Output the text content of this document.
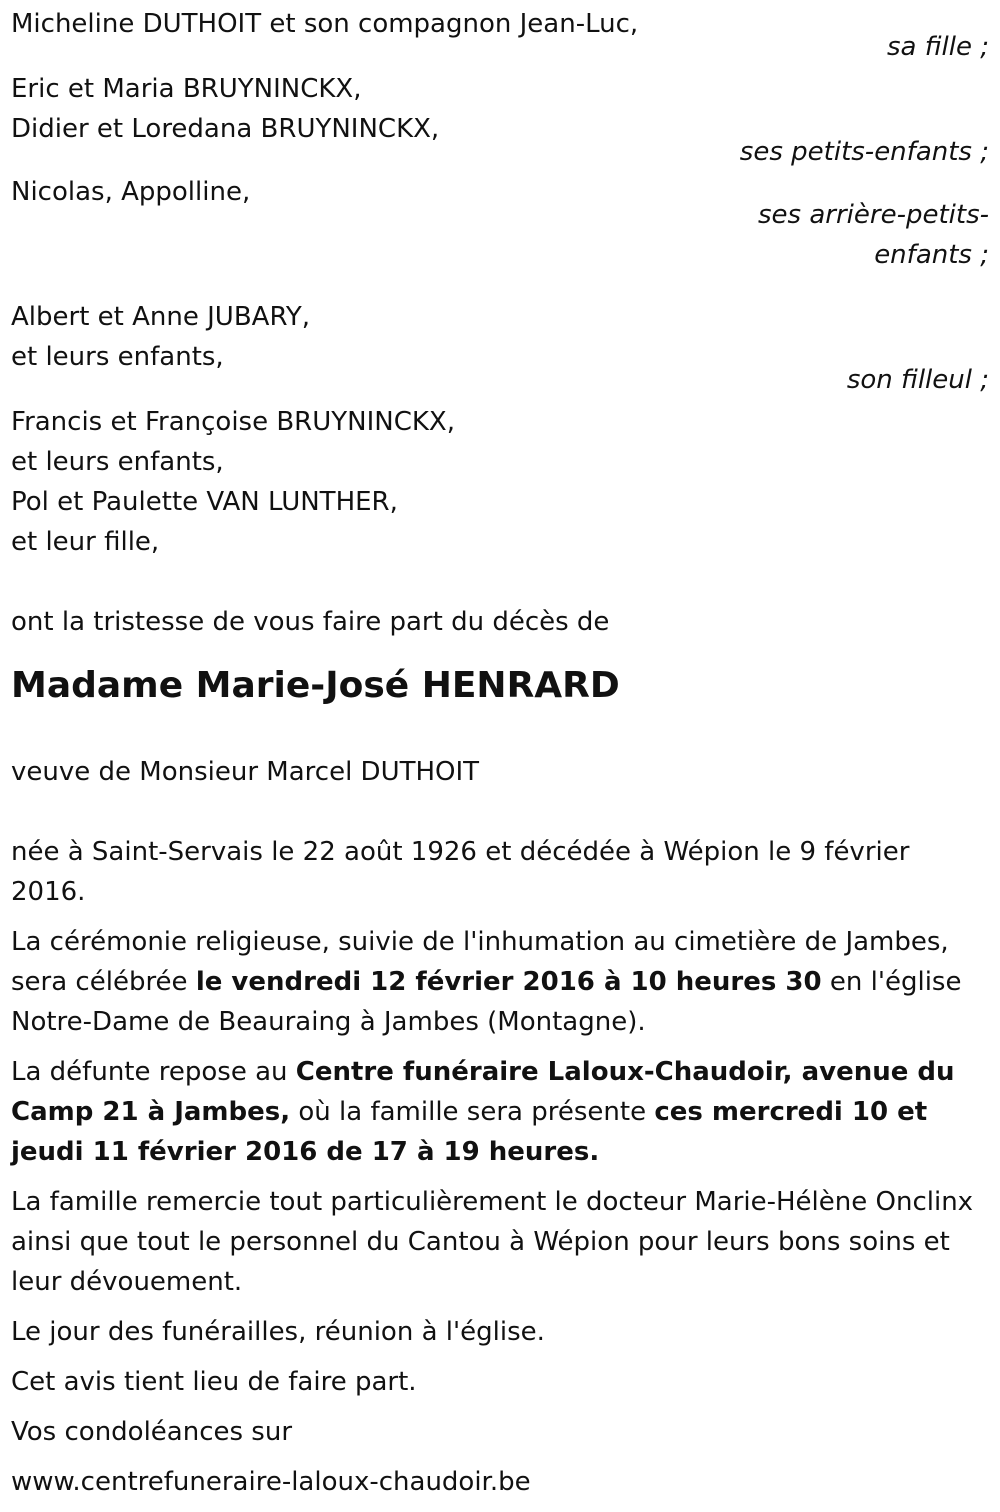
Micheline DUTHOIT et son compagnon Jean-Luc,
sa fille ;
Eric et Maria BRUYNINCKX,
Didier et Loredana BRUYNINCKX,
ses petits-enfants ;
Nicolas, Appolline,
ses arrière-petits-
enfants ;
Albert et Anne JUBARY,
et leurs enfants,
son filleul ;
Francis et Françoise BRUYNINCKX,
et leurs enfants,
Pol et Paulette VAN LUNTHER,
et leur fille,
ont la tristesse de vous faire part du décès de
Madame Marie-José HENRARD
veuve de Monsieur Marcel DUTHOIT

née à Saint-Servais le 22 août 1926 et décédée à Wépion le 9 février 2016.

La cérémonie religieuse, suivie de l'inhumation au cimetière de Jambes, sera célébrée le vendredi 12 février 2016 à 10 heures 30 en l'église Notre-Dame de Beauraing à Jambes (Montagne).

La défunte repose au Centre funéraire Laloux-Chaudoir, avenue du Camp 21 à Jambes, où la famille sera présente ces mercredi 10 et jeudi 11 février 2016 de 17 à 19 heures.

La famille remercie tout particulièrement le docteur Marie-Hélène Onclinx ainsi que tout le personnel du Cantou à Wépion pour leurs bons soins et leur dévouement.

Le jour des funérailles, réunion à l'église.

Cet avis tient lieu de faire part.

Vos condoléances sur

www.centrefuneraire-laloux-chaudoir.be
